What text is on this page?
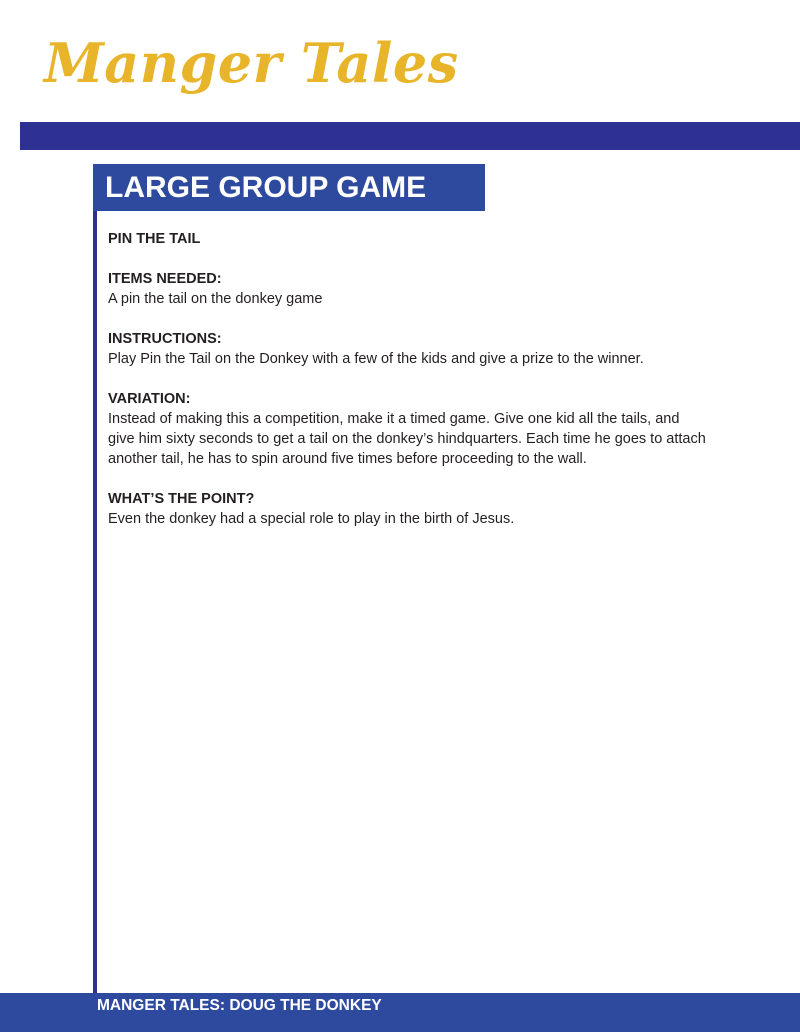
Manger Tales
LARGE GROUP GAME

PIN THE TAIL

ITEMS NEEDED:

A pin the tail on the donkey game

INSTRUCTIONS:

Play Pin the Tail on the Donkey with a few of the kids and give a prize to the winner.

VARIATION:

Instead of making this a competition, make it a timed game. Give one kid all the tails, and give him sixty seconds to get a tail on the donkey’s hindquarters. Each time he goes to attach another tail, he has to spin around five times before proceeding to the wall.

WHAT’S THE POINT?

Even the donkey had a special role to play in the birth of Jesus.

MANGER TALES: DOUG THE DONKEY
